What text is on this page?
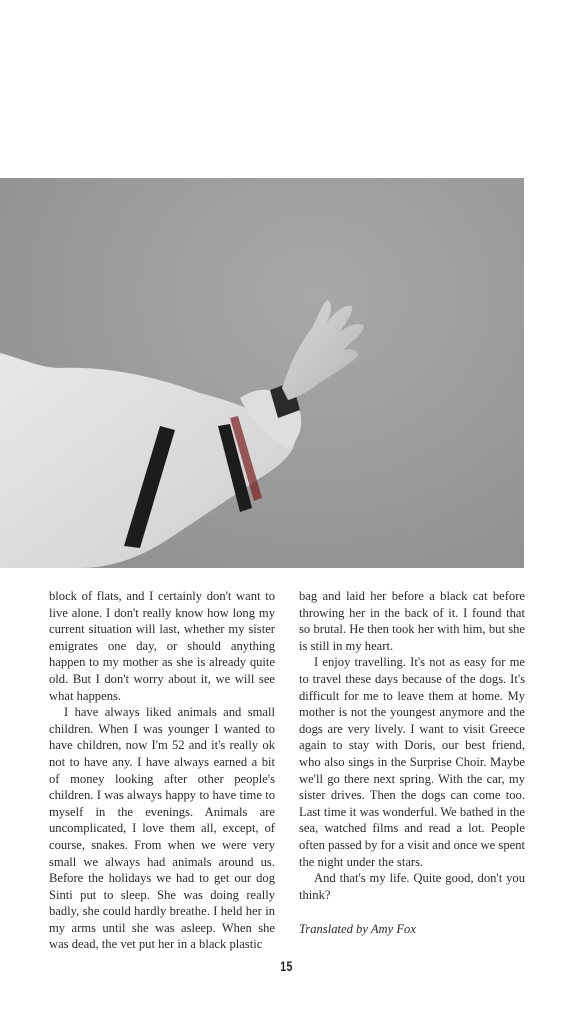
block of flats, and I certainly don't want to live alone. I don't really know how long my current situation will last, whether my sister emigrates one day, or should anything happen to my mother as she is already quite old. But I don't worry about it, we will see what happens.

I have always liked animals and small children. When I was younger I wanted to have children, now I'm 52 and it's really ok not to have any. I have always earned a bit of money looking after other people's children. I was always happy to have time to myself in the evenings. Animals are uncomplicated, I love them all, except, of course, snakes. From when we were very small we always had animals around us. Before the holidays we had to get our dog Sinti put to sleep. She was doing really badly, she could hardly breathe. I held her in my arms until she was asleep. When she was dead, the vet put her in a black plastic

bag and laid her before a black cat before throwing her in the back of it. I found that so brutal. He then took her with him, but she is still in my heart.

I enjoy travelling. It's not as easy for me to travel these days because of the dogs. It's difficult for me to leave them at home. My mother is not the youngest anymore and the dogs are very lively. I want to visit Greece again to stay with Doris, our best friend, who also sings in the Surprise Choir. Maybe we'll go there next spring. With the car, my sister drives. Then the dogs can come too. Last time it was wonderful. We bathed in the sea, watched films and read a lot. People often passed by for a visit and once we spent the night under the stars.

And that's my life. Quite good, don't you think?

Translated by Amy Fox

15
